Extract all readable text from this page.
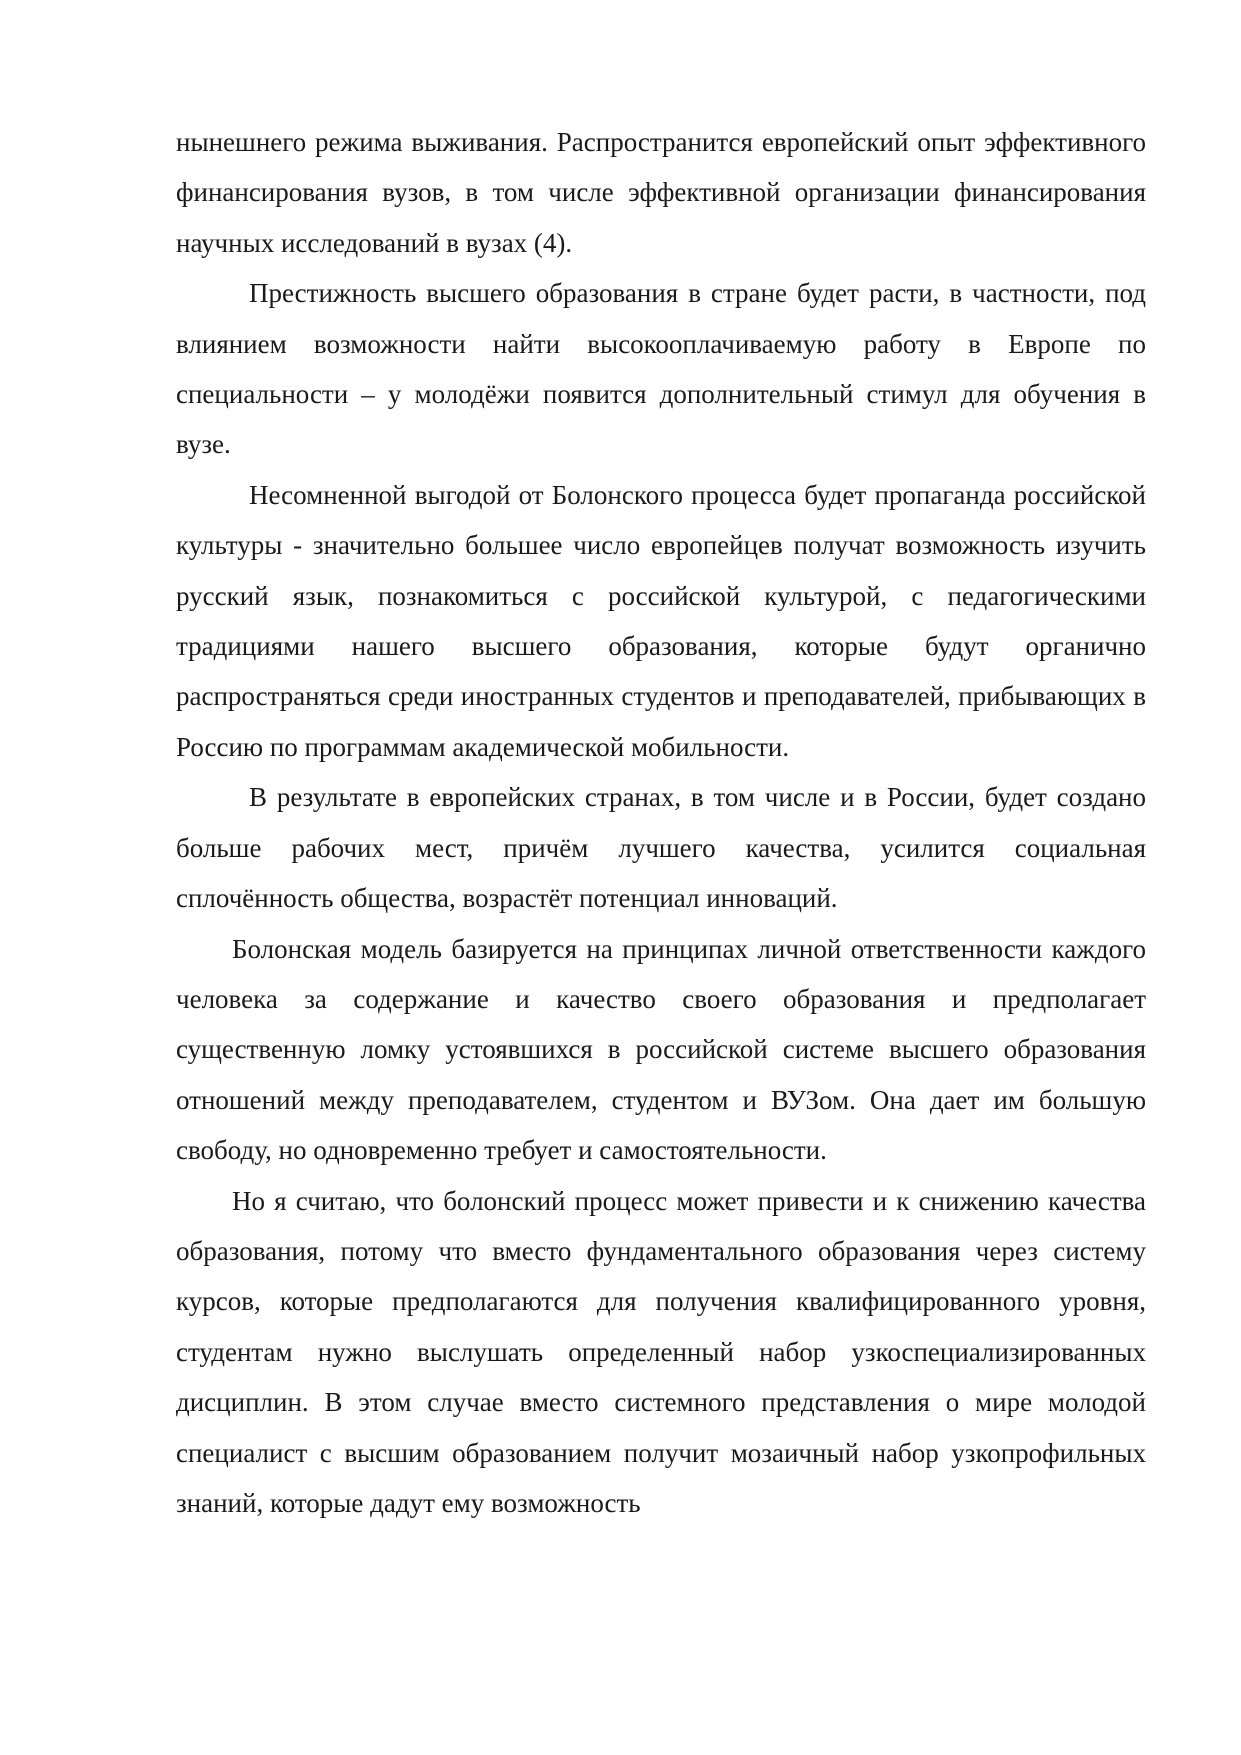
нынешнего режима выживания. Распространится европейский опыт эффективного финансирования вузов, в том числе эффективной организации финансирования научных исследований в вузах (4).

Престижность высшего образования в стране будет расти, в частности, под влиянием возможности найти высокооплачиваемую работу в Европе по специальности – у молодёжи появится дополнительный стимул для обучения в вузе.

Несомненной выгодой от Болонского процесса будет пропаганда российской культуры - значительно большее число европейцев получат возможность изучить русский язык, познакомиться с российской культурой, с педагогическими традициями нашего высшего образования, которые будут органично распространяться среди иностранных студентов и преподавателей, прибывающих в Россию по программам академической мобильности.

В результате в европейских странах, в том числе и в России, будет создано больше рабочих мест, причём лучшего качества, усилится социальная сплочённость общества, возрастёт потенциал инноваций.

Болонская модель базируется на принципах личной ответственности каждого человека за содержание и качество своего образования и предполагает существенную ломку устоявшихся в российской системе высшего образования отношений между преподавателем, студентом и ВУЗом. Она дает им большую свободу, но одновременно требует и самостоятельности.

Но я считаю, что болонский процесс может привести и к снижению качества образования, потому что вместо фундаментального образования через систему курсов, которые предполагаются для получения квалифицированного уровня, студентам нужно выслушать определенный набор узкоспециализированных дисциплин. В этом случае вместо системного представления о мире молодой специалист с высшим образованием получит мозаичный набор узкопрофильных знаний, которые дадут ему возможность
